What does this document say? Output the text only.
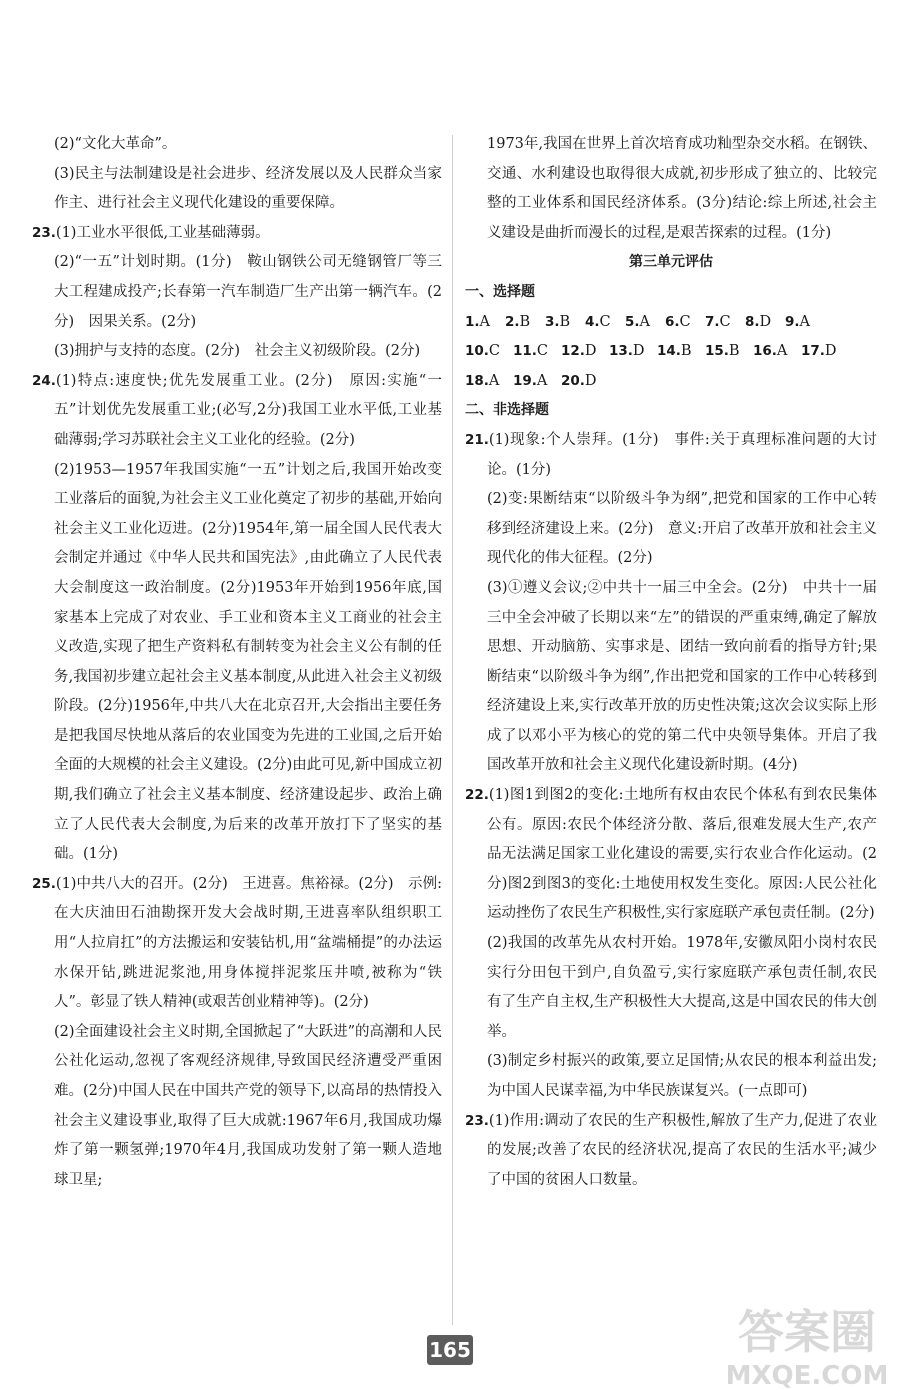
(2)“文化大革命”。

(3)民主与法制建设是社会进步、经济发展以及人民群众当家作主、进行社会主义现代化建设的重要保障。

23.(1)工业水平很低,工业基础薄弱。

(2)“一五”计划时期。(1分)　鞍山钢铁公司无缝钢管厂等三大工程建成投产;长春第一汽车制造厂生产出第一辆汽车。(2分)　因果关系。(2分)

(3)拥护与支持的态度。(2分)　社会主义初级阶段。(2分)

24.(1)特点:速度快;优先发展重工业。(2分)　原因:实施“一五”计划优先发展重工业;(必写,2分)我国工业水平低,工业基础薄弱;学习苏联社会主义工业化的经验。(2分)

(2)1953—1957年我国实施“一五”计划之后,我国开始改变工业落后的面貌,为社会主义工业化奠定了初步的基础,开始向社会主义工业化迈进。(2分)1954年,第一届全国人民代表大会制定并通过《中华人民共和国宪法》,由此确立了人民代表大会制度这一政治制度。(2分)1953年开始到1956年底,国家基本上完成了对农业、手工业和资本主义工商业的社会主义改造,实现了把生产资料私有制转变为社会主义公有制的任务,我国初步建立起社会主义基本制度,从此进入社会主义初级阶段。(2分)1956年,中共八大在北京召开,大会指出主要任务是把我国尽快地从落后的农业国变为先进的工业国,之后开始全面的大规模的社会主义建设。(2分)由此可见,新中国成立初期,我们确立了社会主义基本制度、经济建设起步、政治上确立了人民代表大会制度,为后来的改革开放打下了坚实的基础。(1分)

25.(1)中共八大的召开。(2分)　王进喜。焦裕禄。(2分)　示例:在大庆油田石油勘探开发大会战时期,王进喜率队组织职工用“人拉肩扛”的方法搬运和安装钻机,用“盆端桶提”的办法运水保开钻,跳进泥浆池,用身体搅拌泥浆压井喷,被称为“铁人”。彰显了铁人精神(或艰苦创业精神等)。(2分)

(2)全面建设社会主义时期,全国掀起了“大跃进”的高潮和人民公社化运动,忽视了客观经济规律,导致国民经济遭受严重困难。(2分)中国人民在中国共产党的领导下,以高昂的热情投入社会主义建设事业,取得了巨大成就:1967年6月,我国成功爆炸了第一颗氢弹;1970年4月,我国成功发射了第一颗人造地球卫星;

1973年,我国在世界上首次培育成功籼型杂交水稻。在钢铁、交通、水利建设也取得很大成就,初步形成了独立的、比较完整的工业体系和国民经济体系。(3分)结论:综上所述,社会主义建设是曲折而漫长的过程,是艰苦探索的过程。(1分)

第三单元评估

一、选择题

1.A 2.B 3.B 4.C 5.A 6.C 7.C 8.D 9.A

10.C 11.C 12.D 13.D 14.B 15.B 16.A 17.D

18.A 19.A 20.D

二、非选择题

21.(1)现象:个人崇拜。(1分)　事件:关于真理标准问题的大讨论。(1分)

(2)变:果断结束“以阶级斗争为纲”,把党和国家的工作中心转移到经济建设上来。(2分)　意义:开启了改革开放和社会主义现代化的伟大征程。(2分)

(3)①遵义会议;②中共十一届三中全会。(2分)　中共十一届三中全会冲破了长期以来“左”的错误的严重束缚,确定了解放思想、开动脑筋、实事求是、团结一致向前看的指导方针;果断结束“以阶级斗争为纲”,作出把党和国家的工作中心转移到经济建设上来,实行改革开放的历史性决策;这次会议实际上形成了以邓小平为核心的党的第二代中央领导集体。开启了我国改革开放和社会主义现代化建设新时期。(4分)

22.(1)图1到图2的变化:土地所有权由农民个体私有到农民集体公有。原因:农民个体经济分散、落后,很难发展大生产,农产品无法满足国家工业化建设的需要,实行农业合作化运动。(2分)图2到图3的变化:土地使用权发生变化。原因:人民公社化运动挫伤了农民生产积极性,实行家庭联产承包责任制。(2分)

(2)我国的改革先从农村开始。1978年,安徽凤阳小岗村农民实行分田包干到户,自负盈亏,实行家庭联产承包责任制,农民有了生产自主权,生产积极性大大提高,这是中国农民的伟大创举。

(3)制定乡村振兴的政策,要立足国情;从农民的根本利益出发;为中国人民谋幸福,为中华民族谋复兴。(一点即可)

23.(1)作用:调动了农民的生产积极性,解放了生产力,促进了农业的发展;改善了农民的经济状况,提高了农民的生活水平;减少了中国的贫困人口数量。

165	答案圈
MXQE.COM
